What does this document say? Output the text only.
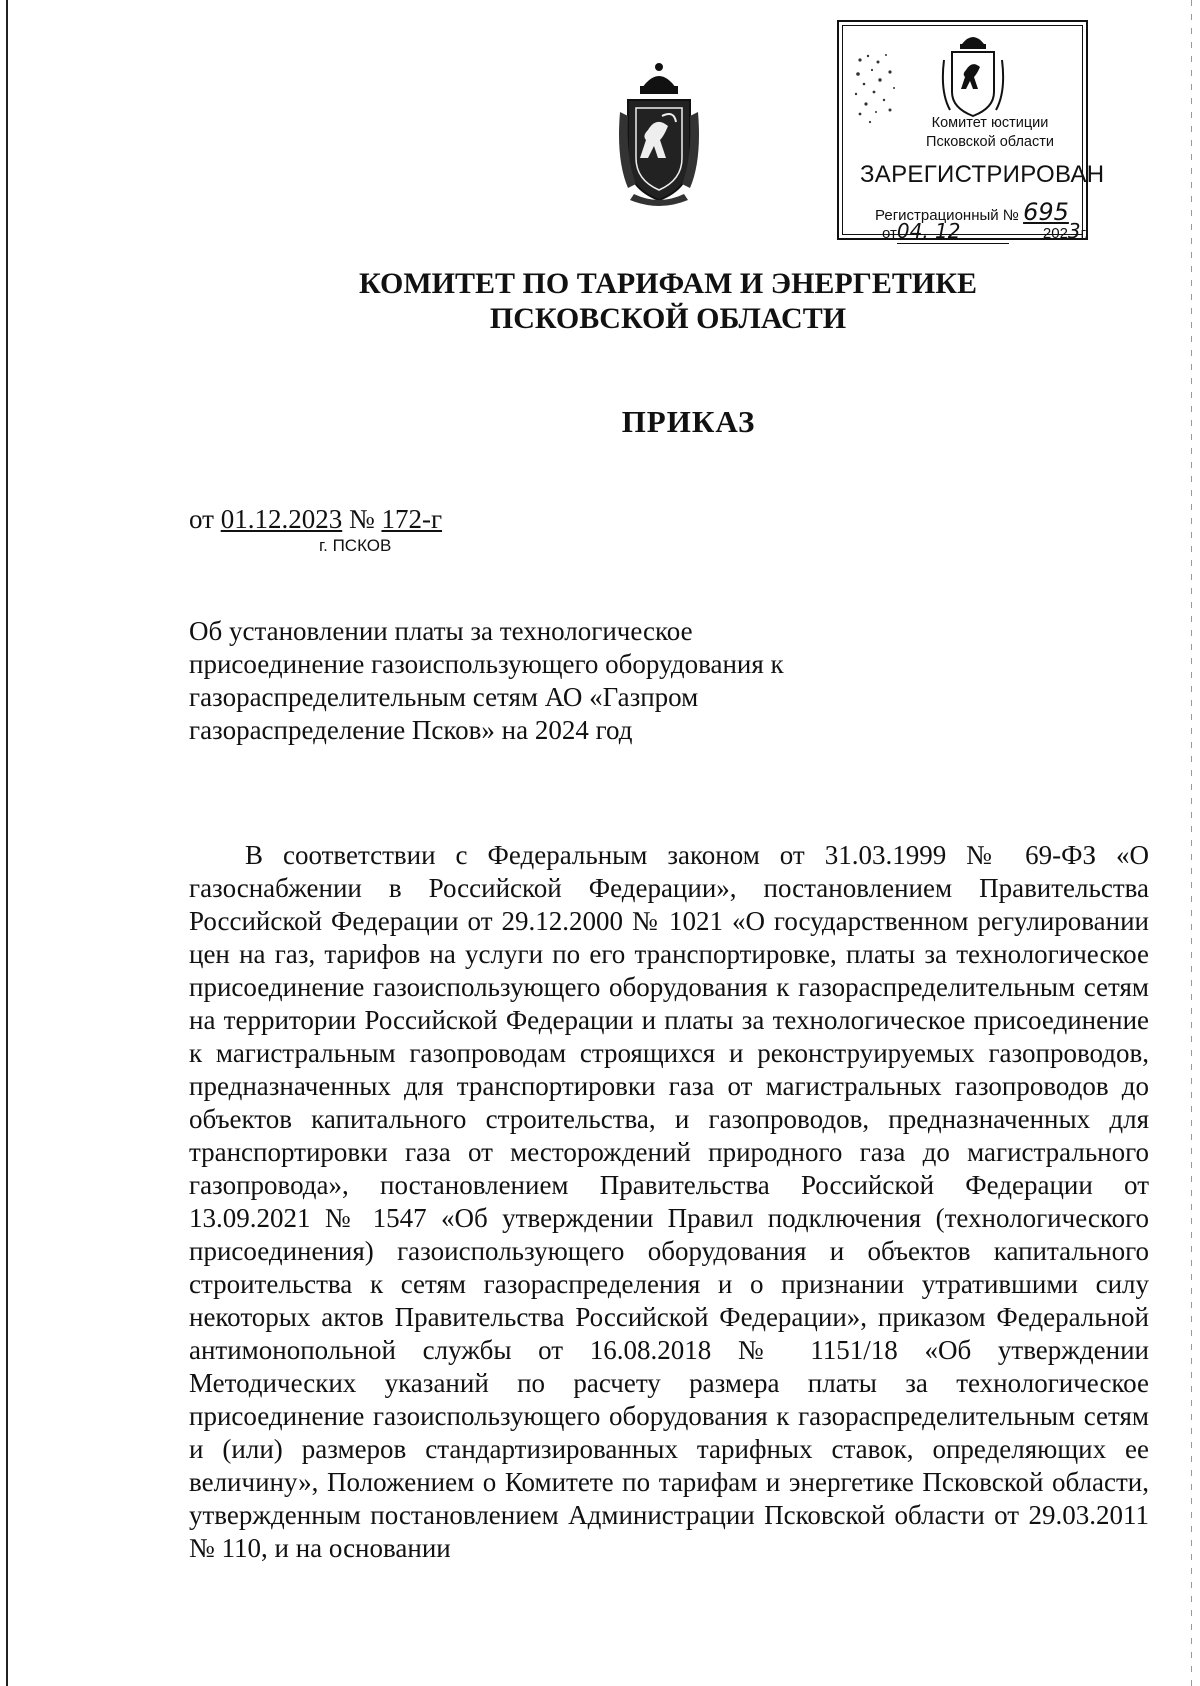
Комитет юстиции
Псковской области
ЗАРЕГИСТРИРОВАН
Регистрационный № 695
от04. 12	2023г.
КОМИТЕТ ПО ТАРИФАМ И ЭНЕРГЕТИКЕ
ПСКОВСКОЙ ОБЛАСТИ
ПРИКАЗ
от 01.12.2023 № 172-г
г. ПСКОВ
Об установлении платы за технологическое присоединение газоиспользующего оборудования к газораспределительным сетям АО «Газпром газораспределение Псков» на 2024 год
В соответствии с Федеральным законом от 31.03.1999 № 69-ФЗ «О газоснабжении в Российской Федерации», постановлением Правительства Российской Федерации от 29.12.2000 № 1021 «О государственном регулировании цен на газ, тарифов на услуги по его транспортировке, платы за технологическое присоединение газоиспользующего оборудования к газораспределительным сетям на территории Российской Федерации и платы за технологическое присоединение к магистральным газопроводам строящихся и реконструируемых газопроводов, предназначенных для транспортировки газа от магистральных газопроводов до объектов капитального строительства, и газопроводов, предназначенных для транспортировки газа от месторождений природного газа до магистрального газопровода», постановлением Правительства Российской Федерации от 13.09.2021 № 1547 «Об утверждении Правил подключения (технологического присоединения) газоиспользующего оборудования и объектов капитального строительства к сетям газораспределения и о признании утратившими силу некоторых актов Правительства Российской Федерации», приказом Федеральной антимонопольной службы от 16.08.2018 № 1151/18 «Об утверждении Методических указаний по расчету размера платы за технологическое присоединение газоиспользующего оборудования к газораспределительным сетям и (или) размеров стандартизированных тарифных ставок, определяющих ее величину», Положением о Комитете по тарифам и энергетике Псковской области, утвержденным постановлением Администрации Псковской области от 29.03.2011 № 110, и на основании
